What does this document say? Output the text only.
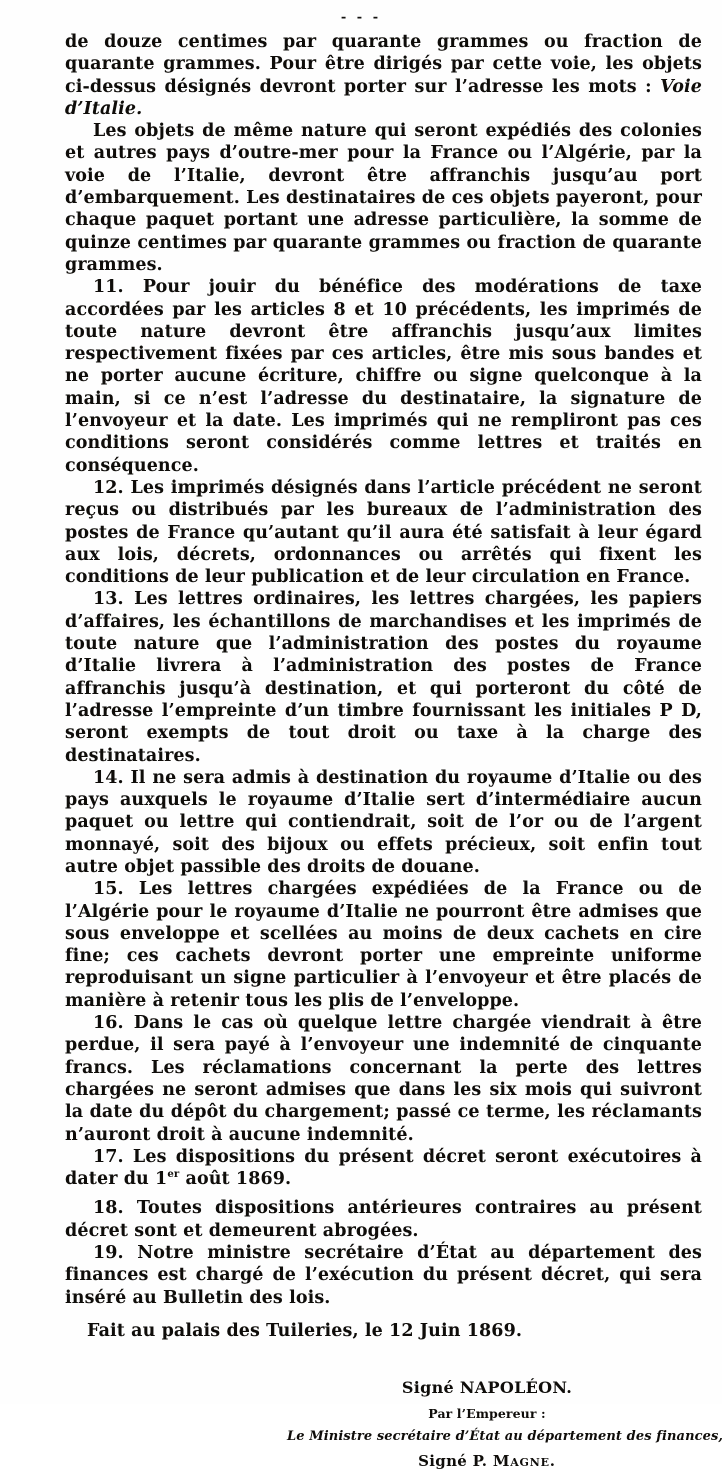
- - -

de douze centimes par quarante grammes ou fraction de quarante grammes. Pour être dirigés par cette voie, les objets ci-dessus désignés devront porter sur l’adresse les mots : Voie d’Italie.

Les objets de même nature qui seront expédiés des colonies et autres pays d’outre-mer pour la France ou l’Algérie, par la voie de l’Italie, devront être affranchis jusqu’au port d’embarquement. Les destinataires de ces objets payeront, pour chaque paquet portant une adresse particulière, la somme de quinze centimes par quarante grammes ou fraction de quarante grammes.

11. Pour jouir du bénéfice des modérations de taxe accordées par les articles 8 et 10 précédents, les imprimés de toute nature devront être affranchis jusqu’aux limites respectivement fixées par ces articles, être mis sous bandes et ne porter aucune écriture, chiffre ou signe quelconque à la main, si ce n’est l’adresse du destinataire, la signature de l’envoyeur et la date. Les imprimés qui ne rempliront pas ces conditions seront considérés comme lettres et traités en conséquence.

12. Les imprimés désignés dans l’article précédent ne seront reçus ou distribués par les bureaux de l’administration des postes de France qu’autant qu’il aura été satisfait à leur égard aux lois, décrets, ordonnances ou arrêtés qui fixent les conditions de leur publication et de leur circulation en France.

13. Les lettres ordinaires, les lettres chargées, les papiers d’affaires, les échantillons de marchandises et les imprimés de toute nature que l’administration des postes du royaume d’Italie livrera à l’administration des postes de France affranchis jusqu’à destination, et qui porteront du côté de l’adresse l’empreinte d’un timbre fournissant les initiales P D, seront exempts de tout droit ou taxe à la charge des destinataires.

14. Il ne sera admis à destination du royaume d’Italie ou des pays auxquels le royaume d’Italie sert d’intermédiaire aucun paquet ou lettre qui contiendrait, soit de l’or ou de l’argent monnayé, soit des bijoux ou effets précieux, soit enfin tout autre objet passible des droits de douane.

15. Les lettres chargées expédiées de la France ou de l’Algérie pour le royaume d’Italie ne pourront être admises que sous enveloppe et scellées au moins de deux cachets en cire fine; ces cachets devront porter une empreinte uniforme reproduisant un signe particulier à l’envoyeur et être placés de manière à retenir tous les plis de l’enveloppe.

16. Dans le cas où quelque lettre chargée viendrait à être perdue, il sera payé à l’envoyeur une indemnité de cinquante francs. Les réclamations concernant la perte des lettres chargées ne seront admises que dans les six mois qui suivront la date du dépôt du chargement; passé ce terme, les réclamants n’auront droit à aucune indemnité.

17. Les dispositions du présent décret seront exécutoires à dater du 1er août 1869.

18. Toutes dispositions antérieures contraires au présent décret sont et demeurent abrogées.

19. Notre ministre secrétaire d’État au département des finances est chargé de l’exécution du présent décret, qui sera inséré au Bulletin des lois.

Fait au palais des Tuileries, le 12 Juin 1869.

Signé NAPOLÉON.
Par l’Empereur :
Le Ministre secrétaire d’État au département des finances,
Signé P. Magne.
